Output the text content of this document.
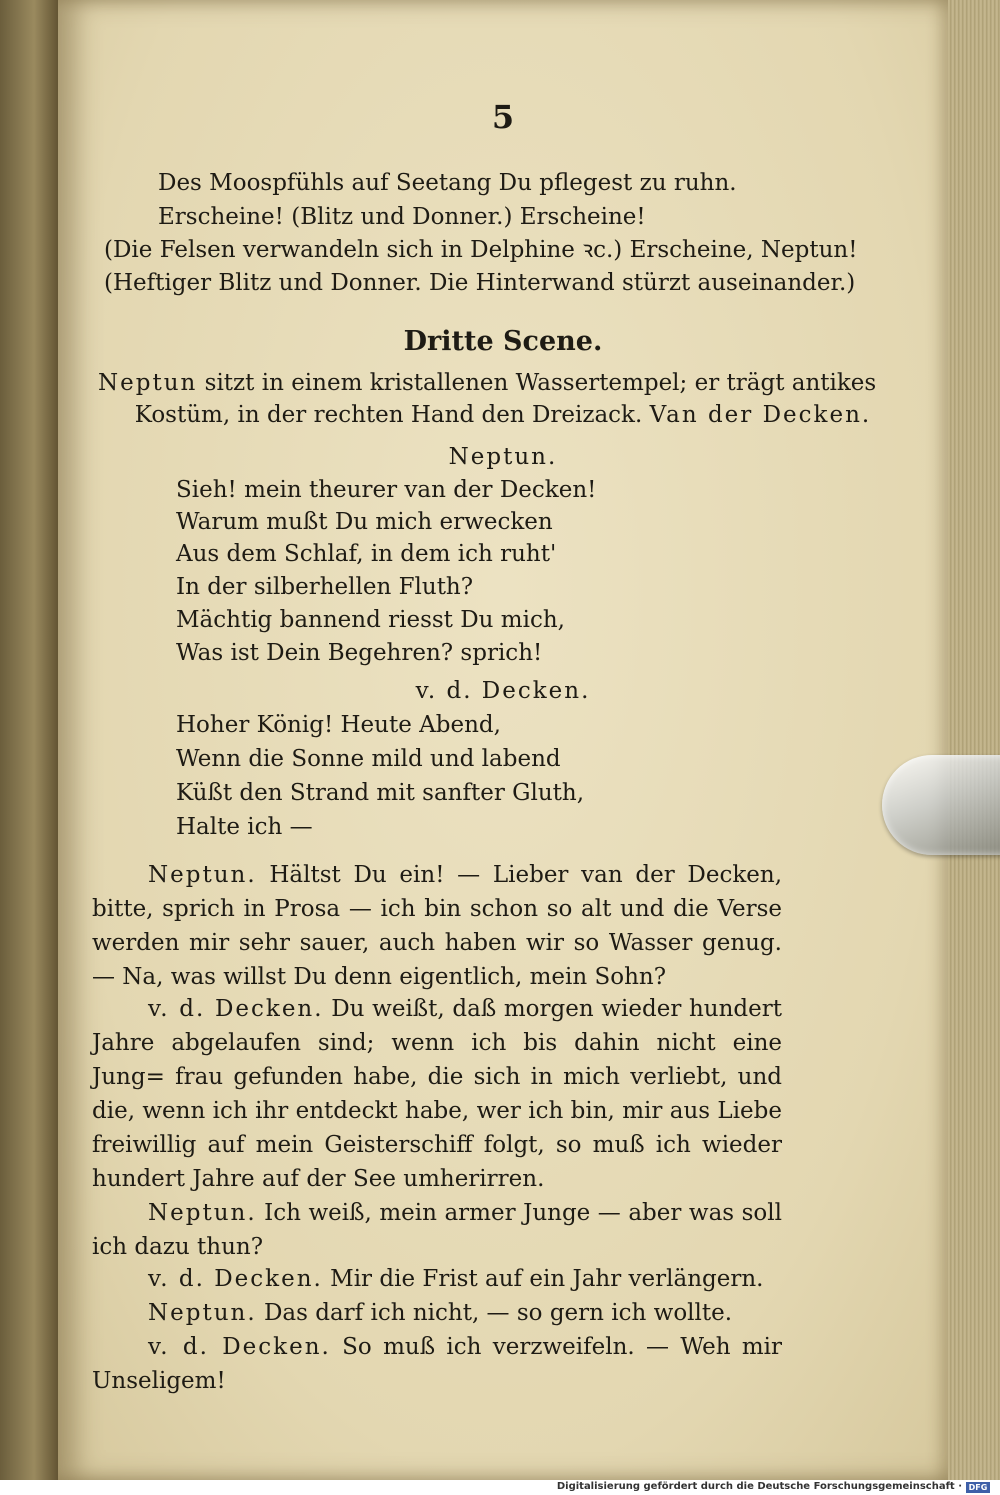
5
Des Moospfühls auf Seetang Du pflegest zu ruhn.
Erscheine! (Blitz und Donner.) Erscheine!
(Die Felsen verwandeln sich in Delphine ꝛc.) Erscheine, Neptun!
(Heftiger Blitz und Donner. Die Hinterwand stürzt auseinander.)
Dritte Scene.
Neptun sitzt in einem kristallenen Wassertempel; er trägt antikes
Kostüm, in der rechten Hand den Dreizack. Van der Decken.
Neptun.
Sieh! mein theurer van der Decken!
Warum mußt Du mich erwecken
Aus dem Schlaf, in dem ich ruht'
In der silberhellen Fluth?
Mächtig bannend riesst Du mich,
Was ist Dein Begehren? sprich!
v. d. Decken.
Hoher König! Heute Abend,
Wenn die Sonne mild und labend
Küßt den Strand mit sanfter Gluth,
Halte ich —
Neptun. Hältst Du ein! — Lieber van der Decken, bitte, sprich in Prosa — ich bin schon so alt und die Verse werden mir sehr sauer, auch haben wir so Wasser genug. — Na, was willst Du denn eigentlich, mein Sohn?
v. d. Decken. Du weißt, daß morgen wieder hundert Jahre abgelaufen sind; wenn ich bis dahin nicht eine Jung= frau gefunden habe, die sich in mich verliebt, und die, wenn ich ihr entdeckt habe, wer ich bin, mir aus Liebe freiwillig auf mein Geisterschiff folgt, so muß ich wieder hundert Jahre auf der See umherirren.
Neptun. Ich weiß, mein armer Junge — aber was soll ich dazu thun?
v. d. Decken. Mir die Frist auf ein Jahr verlängern.
Neptun. Das darf ich nicht, — so gern ich wollte.
v. d. Decken. So muß ich verzweifeln. — Weh mir Unseligem!
Digitalisierung gefördert durch die Deutsche Forschungsgemeinschaft · DFG
